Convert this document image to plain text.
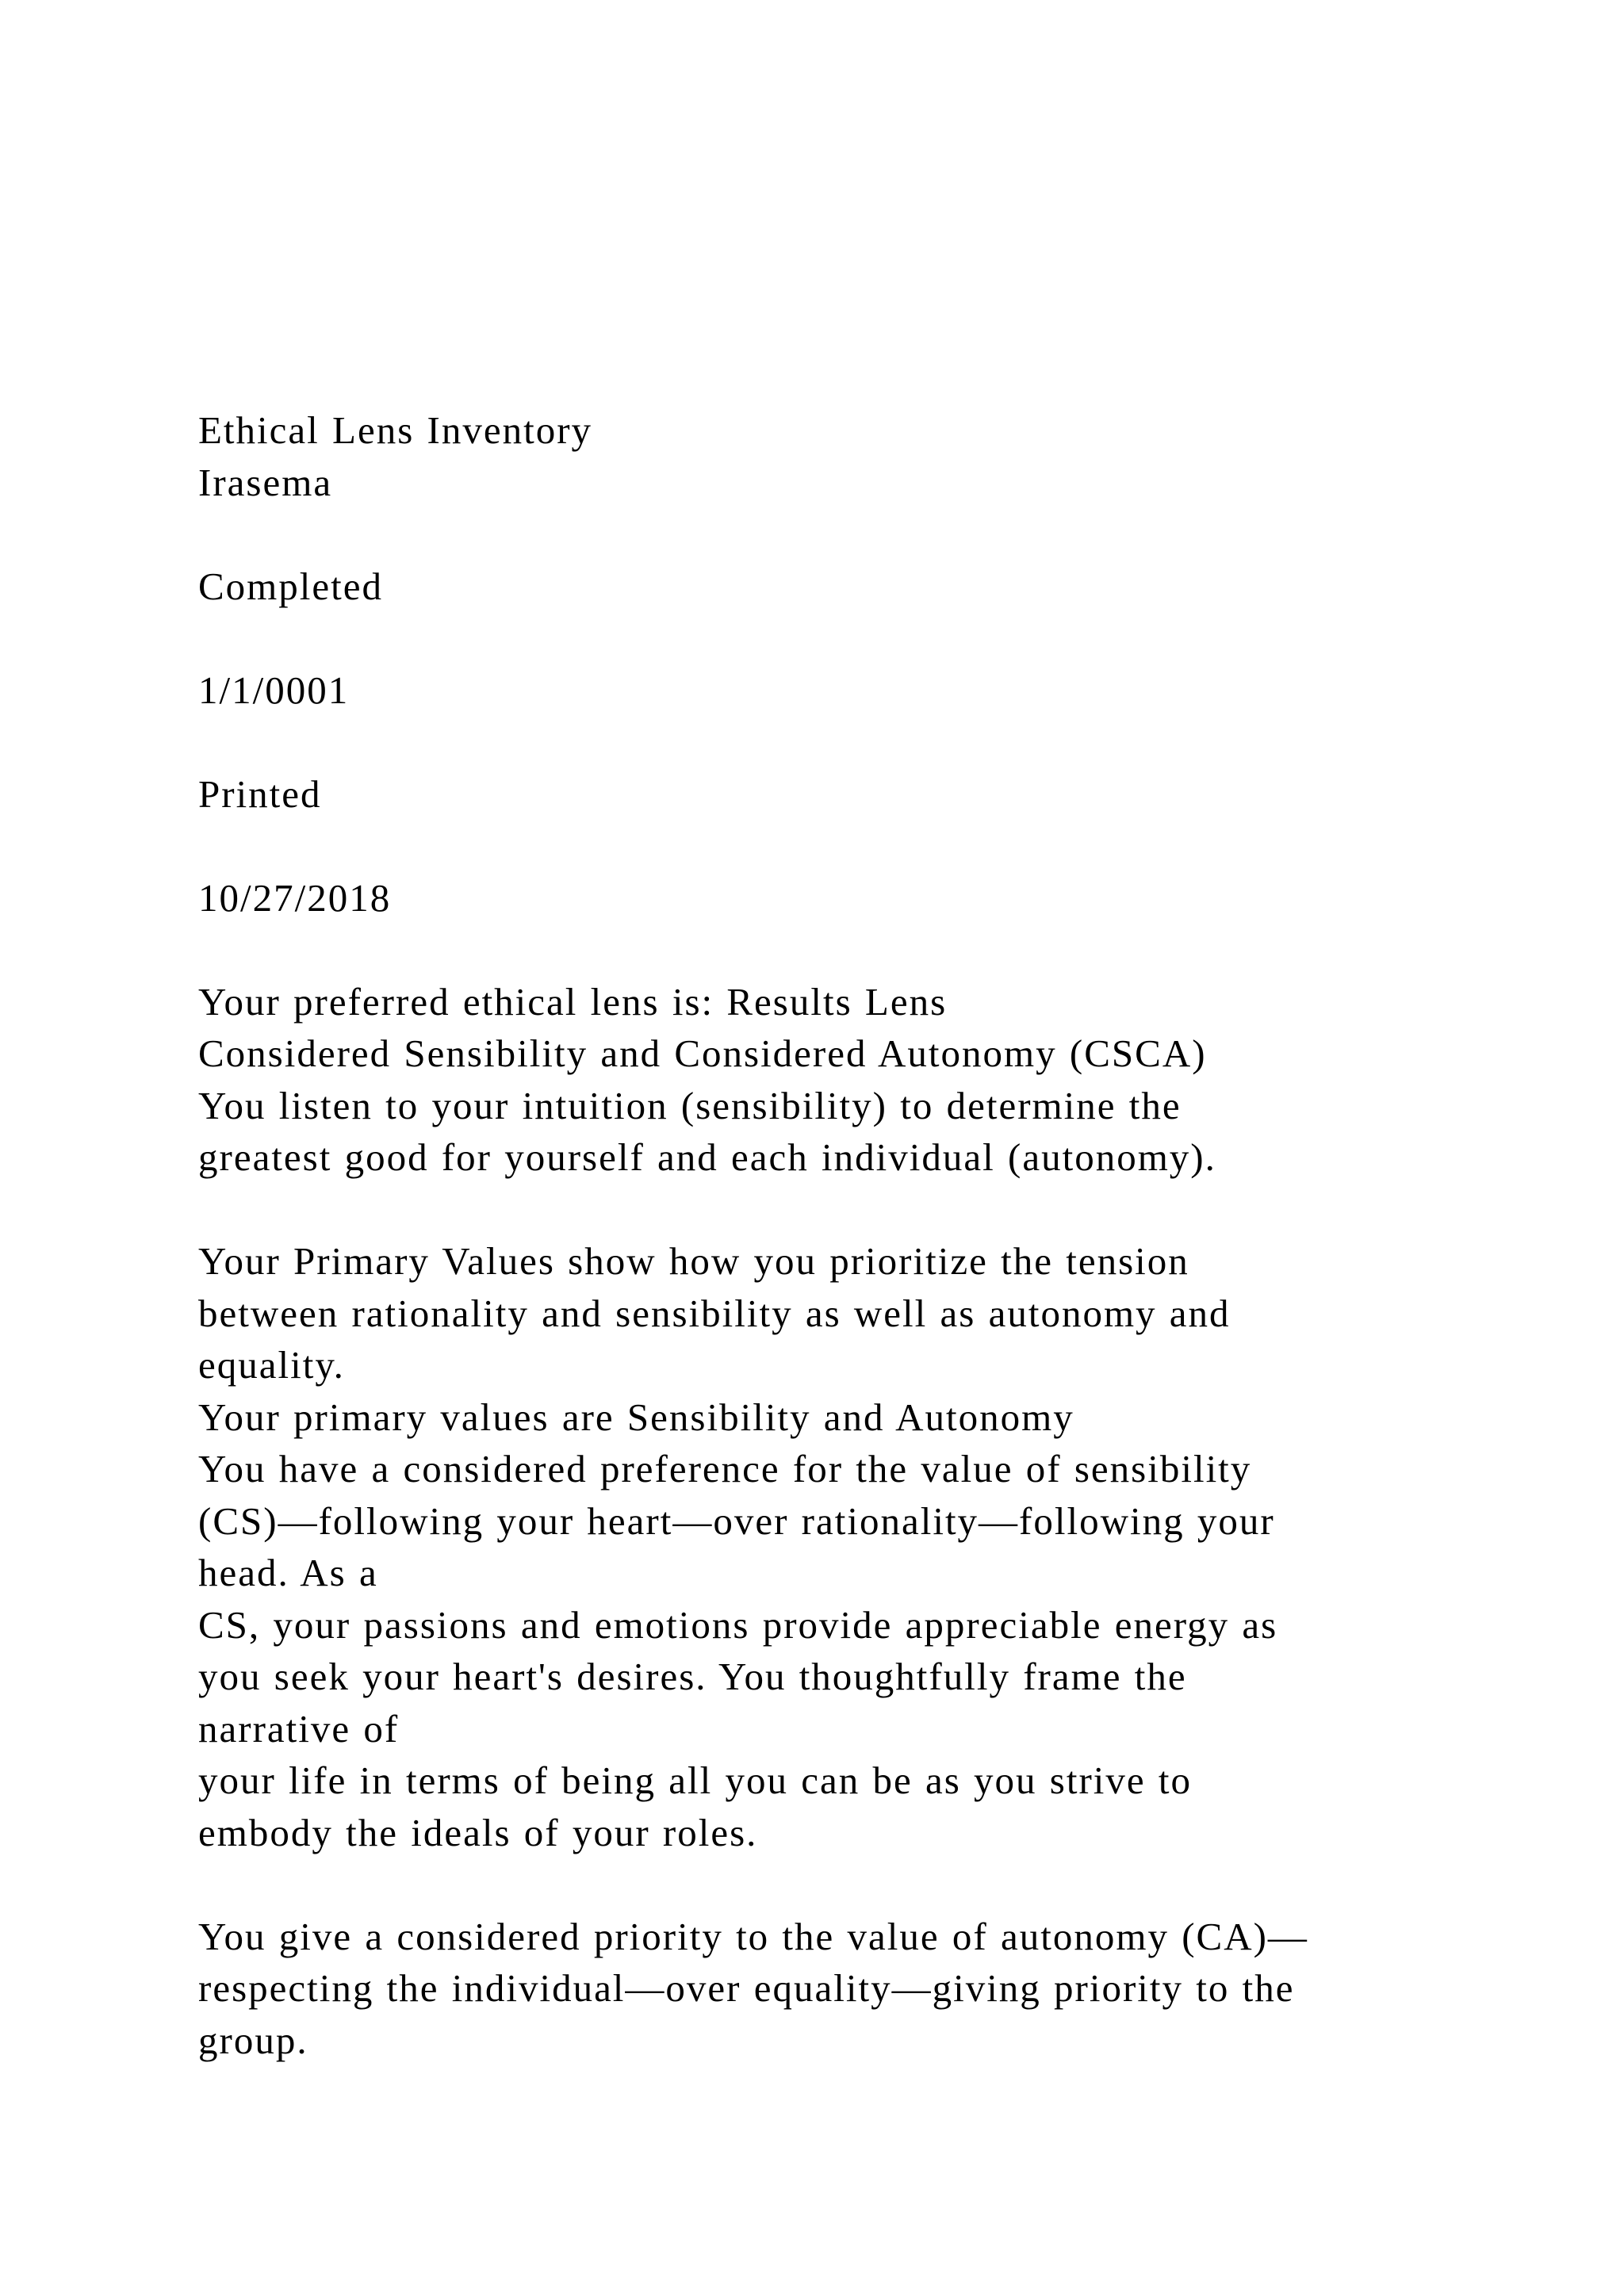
Ethical Lens Inventory
Irasema
Completed
1/1/0001
Printed
10/27/2018
Your preferred ethical lens is: Results Lens
Considered Sensibility and Considered Autonomy (CSCA)
You listen to your intuition (sensibility) to determine the
greatest good for yourself and each individual (autonomy).
Your Primary Values show how you prioritize the tension
between rationality and sensibility as well as autonomy and
equality.
Your primary values are Sensibility and Autonomy
You have a considered preference for the value of sensibility
(CS)—following your heart—over rationality—following your
head. As a
CS, your passions and emotions provide appreciable energy as
you seek your heart's desires. You thoughtfully frame the
narrative of
your life in terms of being all you can be as you strive to
embody the ideals of your roles.
You give a considered priority to the value of autonomy (CA)—
respecting the individual—over equality—giving priority to the
group.
